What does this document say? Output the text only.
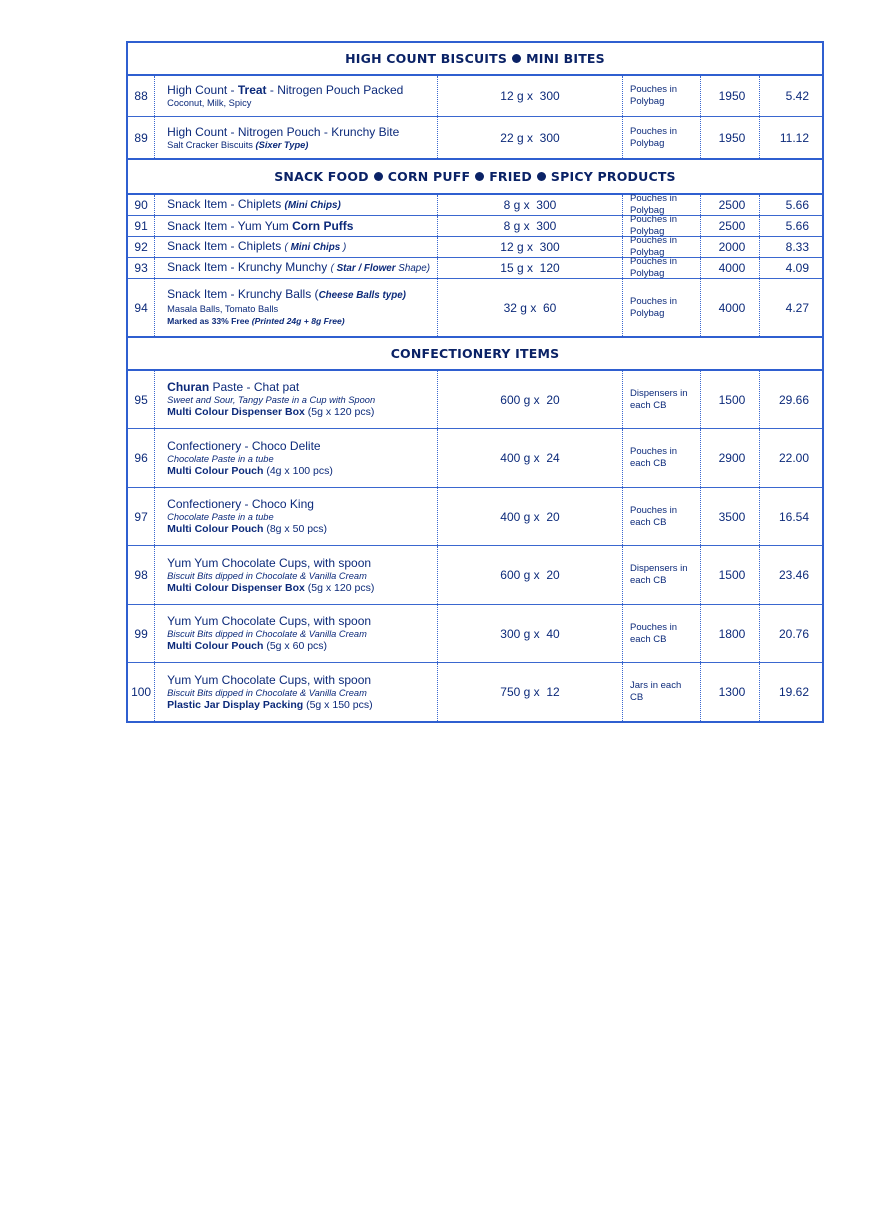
HIGH COUNT BISCUITS MINI BITES
88	High Count - Treat - Nitrogen Pouch Packed
Coconut, Milk, Spicy	12 g x  300	Pouches in Polybag	1950	5.42
89	High Count - Nitrogen Pouch - Krunchy Bite
Salt Cracker Biscuits (Sixer Type)	22 g x  300	Pouches in Polybag	1950	11.12
SNACK FOOD CORN PUFF FRIED SPICY PRODUCTS
90	Snack Item - Chiplets (Mini Chips)	8 g x  300	Pouches in Polybag	2500	5.66
91	Snack Item - Yum Yum Corn Puffs	8 g x  300	Pouches in Polybag	2500	5.66
92	Snack Item - Chiplets ( Mini Chips )	12 g x  300	Pouches in Polybag	2000	8.33
93	Snack Item - Krunchy Munchy ( Star / Flower Shape)	15 g x  120	Pouches in Polybag	4000	4.09
94
Snack Item - Krunchy Balls (Cheese Balls type)
Masala Balls, Tomato Balls
Marked as 33% Free (Printed 24g + 8g Free)
32 g x  60	Pouches in Polybag	4000	4.27
CONFECTIONERY ITEMS
95
Churan Paste - Chat pat
Sweet and Sour, Tangy Paste in a Cup with Spoon
Multi Colour Dispenser Box (5g x 120 pcs)
600 g x  20	Dispensers in each CB	1500	29.66
96
Confectionery - Choco Delite
Chocolate Paste in a tube
Multi Colour Pouch (4g x 100 pcs)
400 g x  24	Pouches in each CB	2900	22.00
97
Confectionery - Choco King
Chocolate Paste in a tube
Multi Colour Pouch (8g x 50 pcs)
400 g x  20	Pouches in each CB	3500	16.54
98
Yum Yum Chocolate Cups, with spoon
Biscuit Bits dipped in Chocolate & Vanilla Cream
Multi Colour Dispenser Box (5g x 120 pcs)
600 g x  20	Dispensers in each CB	1500	23.46
99
Yum Yum Chocolate Cups, with spoon
Biscuit Bits dipped in Chocolate & Vanilla Cream
Multi Colour Pouch (5g x 60 pcs)
300 g x  40	Pouches in each CB	1800	20.76
100
Yum Yum Chocolate Cups, with spoon
Biscuit Bits dipped in Chocolate & Vanilla Cream
Plastic Jar Display Packing (5g x 150 pcs)
750 g x  12	Jars in each CB	1300	19.62
